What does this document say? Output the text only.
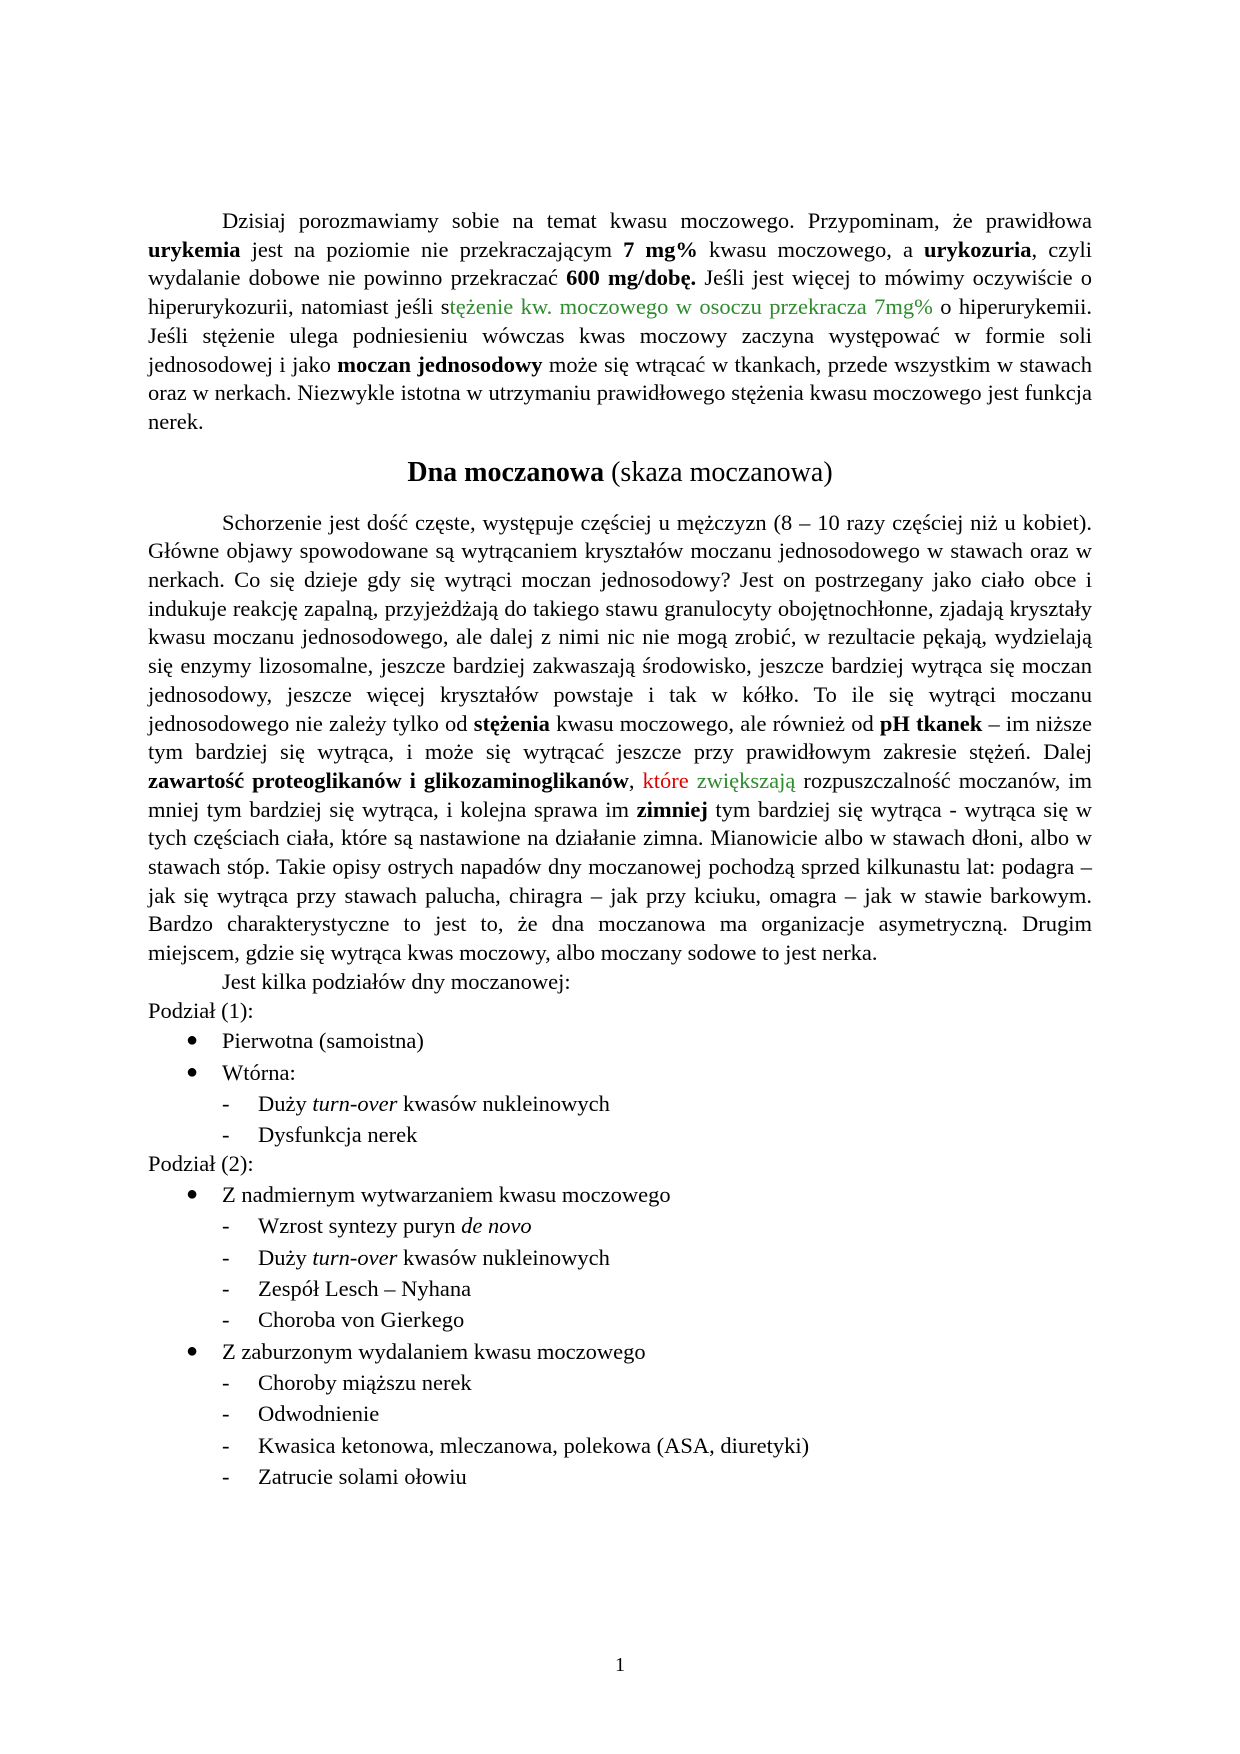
Dzisiaj porozmawiamy sobie na temat kwasu moczowego. Przypominam, że prawidłowa urykemia jest na poziomie nie przekraczającym 7 mg% kwasu moczowego, a urykozuria, czyli wydalanie dobowe nie powinno przekraczać 600 mg/dobę. Jeśli jest więcej to mówimy oczywiście o hiperurykozurii, natomiast jeśli stężenie kw. moczowego w osoczu przekracza 7mg% o hiperurykemii. Jeśli stężenie ulega podniesieniu wówczas kwas moczowy zaczyna występować w formie soli jednosodowej i jako moczan jednosodowy może się wtrącać w tkankach, przede wszystkim w stawach oraz w nerkach. Niezwykle istotna w utrzymaniu prawidłowego stężenia kwasu moczowego jest funkcja nerek.

Dna moczanowa (skaza moczanowa)

Schorzenie jest dość częste, występuje częściej u mężczyzn (8 – 10 razy częściej niż u kobiet). Główne objawy spowodowane są wytrącaniem kryształów moczanu jednosodowego w stawach oraz w nerkach. Co się dzieje gdy się wytrąci moczan jednosodowy? Jest on postrzegany jako ciało obce i indukuje reakcję zapalną, przyjeżdżają do takiego stawu granulocyty obojętnochłonne, zjadają kryształy kwasu moczanu jednosodowego, ale dalej z nimi nic nie mogą zrobić, w rezultacie pękają, wydzielają się enzymy lizosomalne, jeszcze bardziej zakwaszają środowisko, jeszcze bardziej wytrąca się moczan jednosodowy, jeszcze więcej kryształów powstaje i tak w kółko. To ile się wytrąci moczanu jednosodowego nie zależy tylko od stężenia kwasu moczowego, ale również od pH tkanek – im niższe tym bardziej się wytrąca, i może się wytrącać jeszcze przy prawidłowym zakresie stężeń. Dalej zawartość proteoglikanów i glikozaminoglikanów, które zwiększają rozpuszczalność moczanów, im mniej tym bardziej się wytrąca, i kolejna sprawa im zimniej tym bardziej się wytrąca - wytrąca się w tych częściach ciała, które są nastawione na działanie zimna. Mianowicie albo w stawach dłoni, albo w stawach stóp. Takie opisy ostrych napadów dny moczanowej pochodzą sprzed kilkunastu lat: podagra – jak się wytrąca przy stawach palucha, chiragra – jak przy kciuku, omagra – jak w stawie barkowym. Bardzo charakterystyczne to jest to, że dna moczanowa ma organizacje asymetryczną. Drugim miejscem, gdzie się wytrąca kwas moczowy, albo moczany sodowe to jest nerka.

Jest kilka podziałów dny moczanowej:

Podział (1):

● Pierwotna (samoistna)
● Wtórna:
- Duży turn-over kwasów nukleinowych
- Dysfunkcja nerek

Podział (2):

● Z nadmiernym wytwarzaniem kwasu moczowego
- Wzrost syntezy puryn de novo
- Duży turn-over kwasów nukleinowych
- Zespół Lesch – Nyhana
- Choroba von Gierkego
● Z zaburzonym wydalaniem kwasu moczowego
- Choroby miąższu nerek
- Odwodnienie
- Kwasica ketonowa, mleczanowa, polekowa (ASA, diuretyki)
- Zatrucie solami ołowiu
1
